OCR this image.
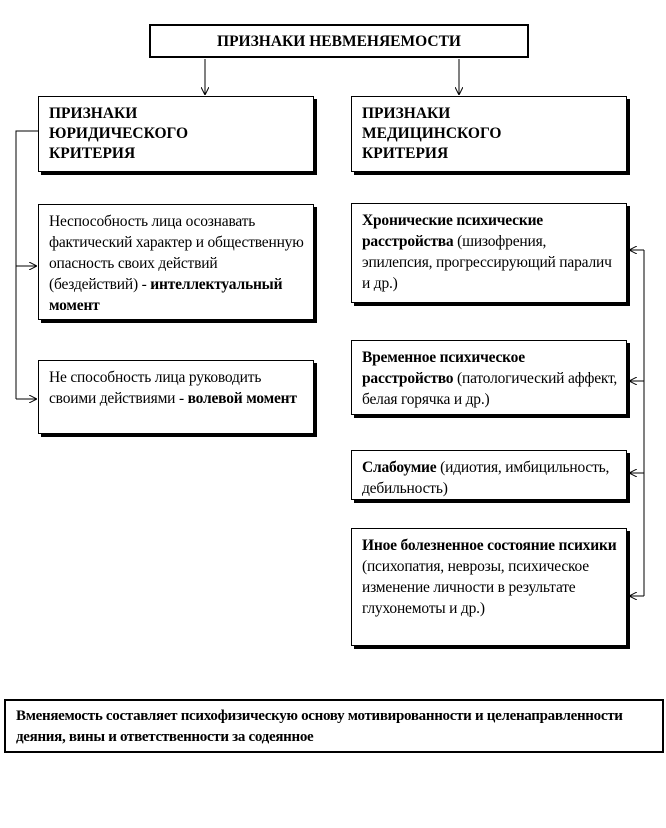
ПРИЗНАКИ НЕВМЕНЯЕМОСТИ
ПРИЗНАКИ
ЮРИДИЧЕСКОГО
КРИТЕРИЯ
ПРИЗНАКИ
МЕДИЦИНСКОГО
КРИТЕРИЯ
Неспособность лица осознавать фактический характер и общественную опасность своих действий (бездействий) - интеллектуальный момент
Не способность лица руководить своими действиями - волевой момент
Хронические психические расстройства (шизофрения, эпилепсия, прогрессирующий паралич и др.)
Временное психическое расстройство (патологический аффект, белая горячка и др.)
Слабоумие (идиотия, имбицильность, дебильность)
Иное болезненное состояние психики (психопатия, неврозы, психическое изменение личности в результате глухонемоты и др.)
Вменяемость составляет психофизическую основу мотивированности и целенаправленности деяния, вины и ответственности за содеянное
